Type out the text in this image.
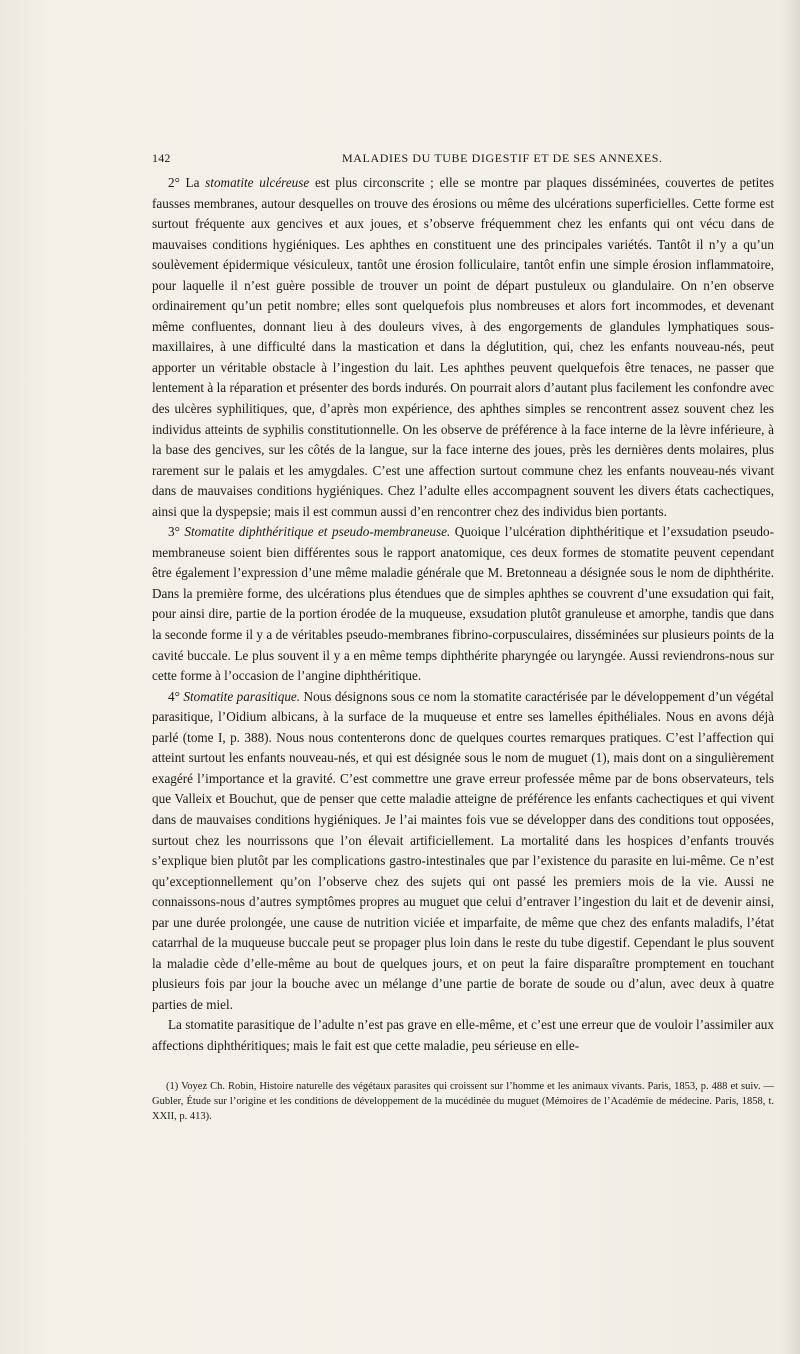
142	MALADIES DU TUBE DIGESTIF ET DE SES ANNEXES.

2° La stomatite ulcéreuse est plus circonscrite ; elle se montre par plaques disséminées, couvertes de petites fausses membranes, autour desquelles on trouve des érosions ou même des ulcérations superficielles. Cette forme est surtout fréquente aux gencives et aux joues, et s’observe fréquemment chez les enfants qui ont vécu dans de mauvaises conditions hygiéniques. Les aphthes en constituent une des principales variétés. Tantôt il n’y a qu’un soulèvement épidermique vésiculeux, tantôt une érosion folliculaire, tantôt enfin une simple érosion inflammatoire, pour laquelle il n’est guère possible de trouver un point de départ pustuleux ou glandulaire. On n’en observe ordinairement qu’un petit nombre; elles sont quelquefois plus nombreuses et alors fort incommodes, et devenant même confluentes, donnant lieu à des douleurs vives, à des engorgements de glandules lymphatiques sous-maxillaires, à une difficulté dans la mastication et dans la déglutition, qui, chez les enfants nouveau-nés, peut apporter un véritable obstacle à l’ingestion du lait. Les aphthes peuvent quelquefois être tenaces, ne passer que lentement à la réparation et présenter des bords indurés. On pourrait alors d’autant plus facilement les confondre avec des ulcères syphilitiques, que, d’après mon expérience, des aphthes simples se rencontrent assez souvent chez les individus atteints de syphilis constitutionnelle. On les observe de préférence à la face interne de la lèvre inférieure, à la base des gencives, sur les côtés de la langue, sur la face interne des joues, près les dernières dents molaires, plus rarement sur le palais et les amygdales. C’est une affection surtout commune chez les enfants nouveau-nés vivant dans de mauvaises conditions hygiéniques. Chez l’adulte elles accompagnent souvent les divers états cachectiques, ainsi que la dyspepsie; mais il est commun aussi d’en rencontrer chez des individus bien portants.

3° Stomatite diphthéritique et pseudo-membraneuse. Quoique l’ulcération diphthéritique et l’exsudation pseudo-membraneuse soient bien différentes sous le rapport anatomique, ces deux formes de stomatite peuvent cependant être également l’expression d’une même maladie générale que M. Bretonneau a désignée sous le nom de diphthérite. Dans la première forme, des ulcérations plus étendues que de simples aphthes se couvrent d’une exsudation qui fait, pour ainsi dire, partie de la portion érodée de la muqueuse, exsudation plutôt granuleuse et amorphe, tandis que dans la seconde forme il y a de véritables pseudo-membranes fibrino-corpusculaires, disséminées sur plusieurs points de la cavité buccale. Le plus souvent il y a en même temps diphthérite pharyngée ou laryngée. Aussi reviendrons-nous sur cette forme à l’occasion de l’angine diphthéritique.

4° Stomatite parasitique. Nous désignons sous ce nom la stomatite caractérisée par le développement d’un végétal parasitique, l’Oidium albicans, à la surface de la muqueuse et entre ses lamelles épithéliales. Nous en avons déjà parlé (tome I, p. 388). Nous nous contenterons donc de quelques courtes remarques pratiques. C’est l’affection qui atteint surtout les enfants nouveau-nés, et qui est désignée sous le nom de muguet (1), mais dont on a singulièrement exagéré l’importance et la gravité. C’est commettre une grave erreur professée même par de bons observateurs, tels que Valleix et Bouchut, que de penser que cette maladie atteigne de préférence les enfants cachectiques et qui vivent dans de mauvaises conditions hygiéniques. Je l’ai maintes fois vue se développer dans des conditions tout opposées, surtout chez les nourrissons que l’on élevait artificiellement. La mortalité dans les hospices d’enfants trouvés s’explique bien plutôt par les complications gastro-intestinales que par l’existence du parasite en lui-même. Ce n’est qu’exceptionnellement qu’on l’observe chez des sujets qui ont passé les premiers mois de la vie. Aussi ne connaissons-nous d’autres symptômes propres au muguet que celui d’entraver l’ingestion du lait et de devenir ainsi, par une durée prolongée, une cause de nutrition viciée et imparfaite, de même que chez des enfants maladifs, l’état catarrhal de la muqueuse buccale peut se propager plus loin dans le reste du tube digestif. Cependant le plus souvent la maladie cède d’elle-même au bout de quelques jours, et on peut la faire disparaître promptement en touchant plusieurs fois par jour la bouche avec un mélange d’une partie de borate de soude ou d’alun, avec deux à quatre parties de miel.

La stomatite parasitique de l’adulte n’est pas grave en elle-même, et c’est une erreur que de vouloir l’assimiler aux affections diphthéritiques; mais le fait est que cette maladie, peu sérieuse en elle-

(1) Voyez Ch. Robin, Histoire naturelle des végétaux parasites qui croissent sur l’homme et les animaux vivants. Paris, 1853, p. 488 et suiv. — Gubler, Étude sur l’origine et les conditions de développement de la mucédinée du muguet (Mémoires de l’Académie de médecine. Paris, 1858, t. XXII, p. 413).
